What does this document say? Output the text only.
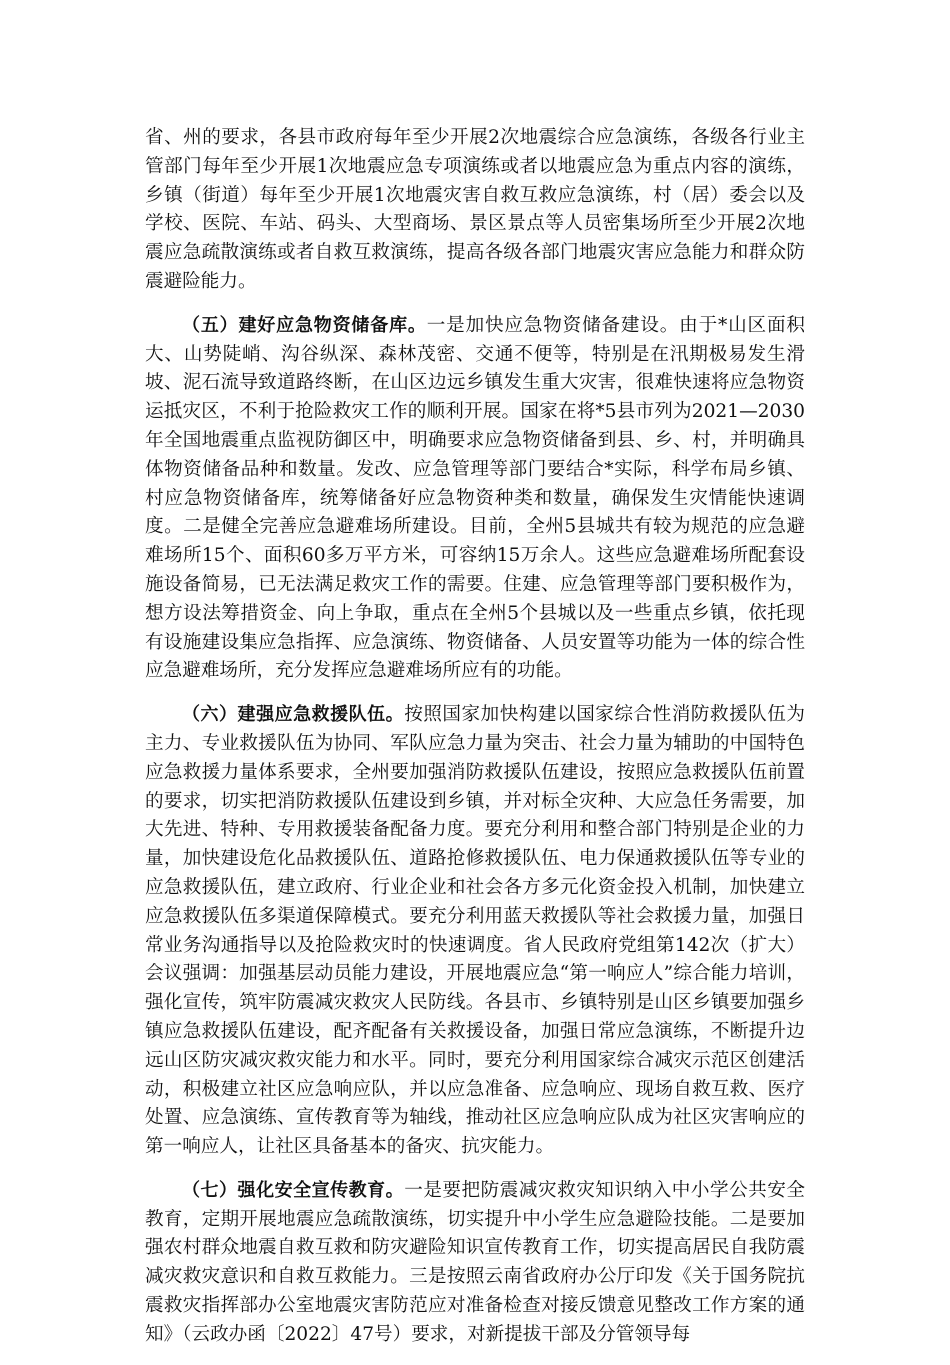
省、州的要求，各县市政府每年至少开展2次地震综合应急演练，各级各行业主管部门每年至少开展1次地震应急专项演练或者以地震应急为重点内容的演练，乡镇（街道）每年至少开展1次地震灾害自救互救应急演练，村（居）委会以及学校、医院、车站、码头、大型商场、景区景点等人员密集场所至少开展2次地震应急疏散演练或者自救互救演练，提高各级各部门地震灾害应急能力和群众防震避险能力。

（五）建好应急物资储备库。一是加快应急物资储备建设。由于*山区面积大、山势陡峭、沟谷纵深、森林茂密、交通不便等，特别是在汛期极易发生滑坡、泥石流导致道路终断，在山区边远乡镇发生重大灾害，很难快速将应急物资运抵灾区，不利于抢险救灾工作的顺利开展。国家在将*5县市列为2021—2030年全国地震重点监视防御区中，明确要求应急物资储备到县、乡、村，并明确具体物资储备品种和数量。发改、应急管理等部门要结合*实际，科学布局乡镇、村应急物资储备库，统筹储备好应急物资种类和数量，确保发生灾情能快速调度。二是健全完善应急避难场所建设。目前，全州5县城共有较为规范的应急避难场所15个、面积60多万平方米，可容纳15万余人。这些应急避难场所配套设施设备简易，已无法满足救灾工作的需要。住建、应急管理等部门要积极作为，想方设法筹措资金、向上争取，重点在全州5个县城以及一些重点乡镇，依托现有设施建设集应急指挥、应急演练、物资储备、人员安置等功能为一体的综合性应急避难场所，充分发挥应急避难场所应有的功能。

（六）建强应急救援队伍。按照国家加快构建以国家综合性消防救援队伍为主力、专业救援队伍为协同、军队应急力量为突击、社会力量为辅助的中国特色应急救援力量体系要求，全州要加强消防救援队伍建设，按照应急救援队伍前置的要求，切实把消防救援队伍建设到乡镇，并对标全灾种、大应急任务需要，加大先进、特种、专用救援装备配备力度。要充分利用和整合部门特别是企业的力量，加快建设危化品救援队伍、道路抢修救援队伍、电力保通救援队伍等专业的应急救援队伍，建立政府、行业企业和社会各方多元化资金投入机制，加快建立应急救援队伍多渠道保障模式。要充分利用蓝天救援队等社会救援力量，加强日常业务沟通指导以及抢险救灾时的快速调度。省人民政府党组第142次（扩大）会议强调：加强基层动员能力建设，开展地震应急“第一响应人”综合能力培训，强化宣传，筑牢防震减灾救灾人民防线。各县市、乡镇特别是山区乡镇要加强乡镇应急救援队伍建设，配齐配备有关救援设备，加强日常应急演练，不断提升边远山区防灾减灾救灾能力和水平。同时，要充分利用国家综合减灾示范区创建活动，积极建立社区应急响应队，并以应急准备、应急响应、现场自救互救、医疗处置、应急演练、宣传教育等为轴线，推动社区应急响应队成为社区灾害响应的第一响应人，让社区具备基本的备灾、抗灾能力。

（七）强化安全宣传教育。一是要把防震减灾救灾知识纳入中小学公共安全教育，定期开展地震应急疏散演练，切实提升中小学生应急避险技能。二是要加强农村群众地震自救互救和防灾避险知识宣传教育工作，切实提高居民自我防震减灾救灾意识和自救互救能力。三是按照云南省政府办公厅印发《关于国务院抗震救灾指挥部办公室地震灾害防范应对准备检查对接反馈意见整改工作方案的通知》（云政办函〔2022〕47号）要求，对新提拔干部及分管领导每
